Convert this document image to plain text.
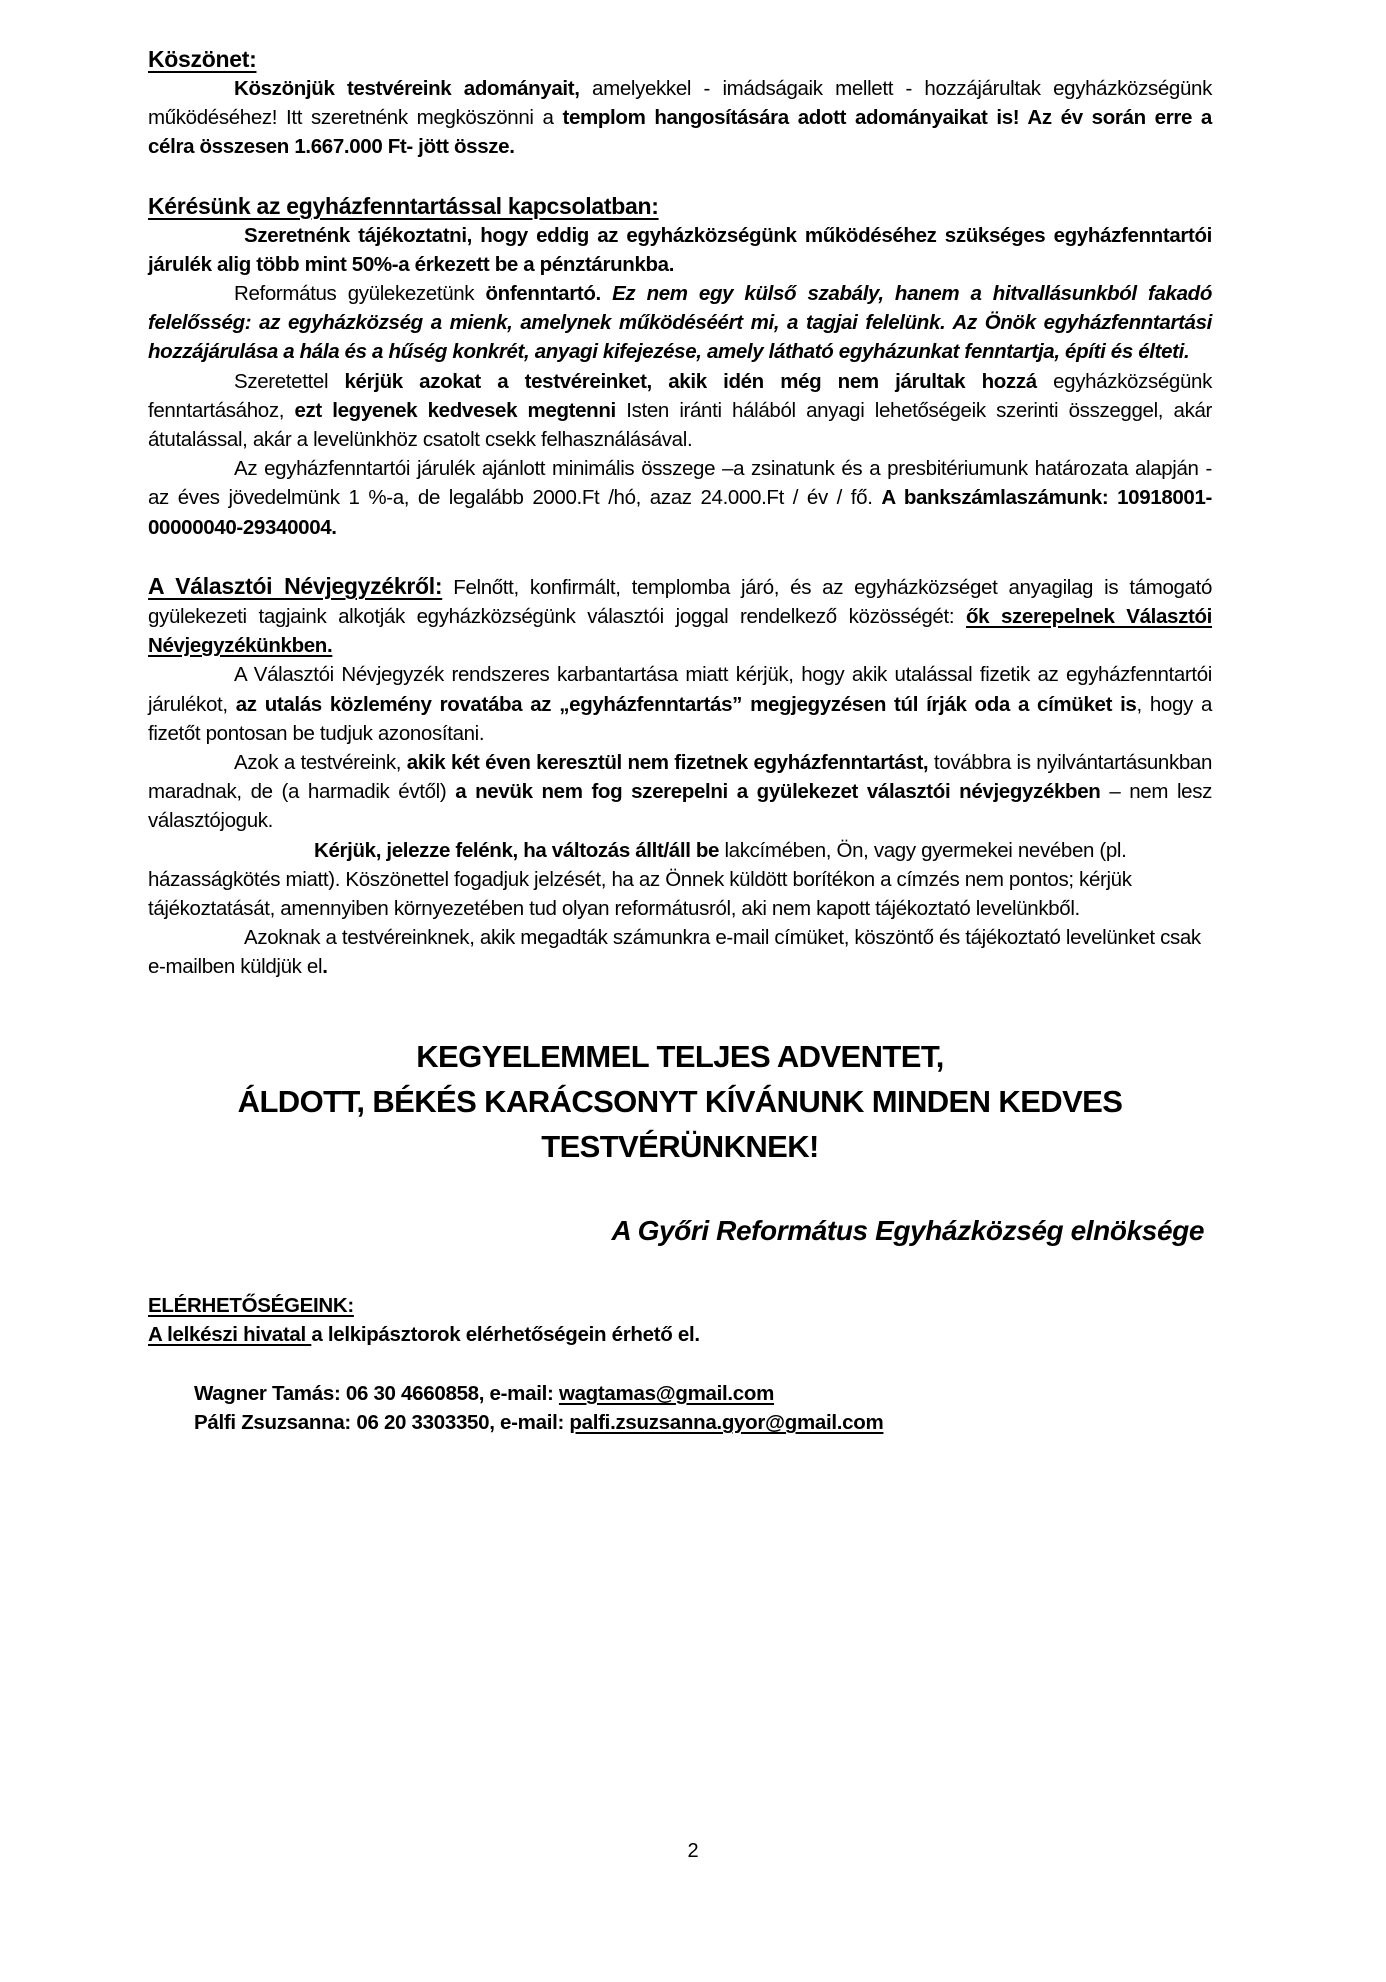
Köszönet:

Köszönjük testvéreink adományait, amelyekkel - imádságaik mellett - hozzájárultak egyházközségünk működéséhez! Itt szeretnénk megköszönni a templom hangosítására adott adományaikat is! Az év során erre a célra összesen 1.667.000 Ft- jött össze.

Kérésünk az egyházfenntartással kapcsolatban:

Szeretnénk tájékoztatni, hogy eddig az egyházközségünk működéséhez szükséges egyházfenntartói járulék alig több mint 50%-a érkezett be a pénztárunkba.

Református gyülekezetünk önfenntartó. Ez nem egy külső szabály, hanem a hitvallásunkból fakadó felelősség: az egyházközség a mienk, amelynek működéséért mi, a tagjai felelünk. Az Önök egyházfenntartási hozzájárulása a hála és a hűség konkrét, anyagi kifejezése, amely látható egyházunkat fenntartja, építi és élteti.

Szeretettel kérjük azokat a testvéreinket, akik idén még nem járultak hozzá egyházközségünk fenntartásához, ezt legyenek kedvesek megtenni Isten iránti hálából anyagi lehetőségeik szerinti összeggel, akár átutalással, akár a levelünkhöz csatolt csekk felhasználásával.

Az egyházfenntartói járulék ajánlott minimális összege –a zsinatunk és a presbitériumunk határozata alapján - az éves jövedelmünk 1 %-a, de legalább 2000.Ft /hó, azaz 24.000.Ft / év / fő. A bankszámlaszámunk: 10918001-00000040-29340004.

A Választói Névjegyzékről: Felnőtt, konfirmált, templomba járó, és az egyházközséget anyagilag is támogató gyülekezeti tagjaink alkotják egyházközségünk választói joggal rendelkező közösségét: ők szerepelnek Választói Névjegyzékünkben.

A Választói Névjegyzék rendszeres karbantartása miatt kérjük, hogy akik utalással fizetik az egyházfenntartói járulékot, az utalás közlemény rovatába az „egyházfenntartás” megjegyzésen túl írják oda a címüket is, hogy a fizetőt pontosan be tudjuk azonosítani.

Azok a testvéreink, akik két éven keresztül nem fizetnek egyházfenntartást, továbbra is nyilvántartásunkban maradnak, de (a harmadik évtől) a nevük nem fog szerepelni a gyülekezet választói névjegyzékben – nem lesz választójoguk.

Kérjük, jelezze felénk, ha változás állt/áll be lakcímében, Ön, vagy gyermekei nevében (pl. házasságkötés miatt). Köszönettel fogadjuk jelzését, ha az Önnek küldött borítékon a címzés nem pontos; kérjük tájékoztatását, amennyiben környezetében tud olyan reformátusról, aki nem kapott tájékoztató levelünkből.

Azoknak a testvéreinknek, akik megadták számunkra e-mail címüket, köszöntő és tájékoztató levelünket csak e-mailben küldjük el.

KEGYELEMMEL TELJES ADVENTET,

ÁLDOTT, BÉKÉS KARÁCSONYT KÍVÁNUNK MINDEN KEDVES

TESTVÉRÜNKNEK!

A Győri Református Egyházközség elnöksége

ELÉRHETŐSÉGEINK:

A lelkészi hivatal a lelkipásztorok elérhetőségein érhető el.

Wagner Tamás: 06 30 4660858, e-mail: wagtamas@gmail.com

Pálfi Zsuzsanna: 06 20 3303350, e-mail: palfi.zsuzsanna.gyor@gmail.com

2
